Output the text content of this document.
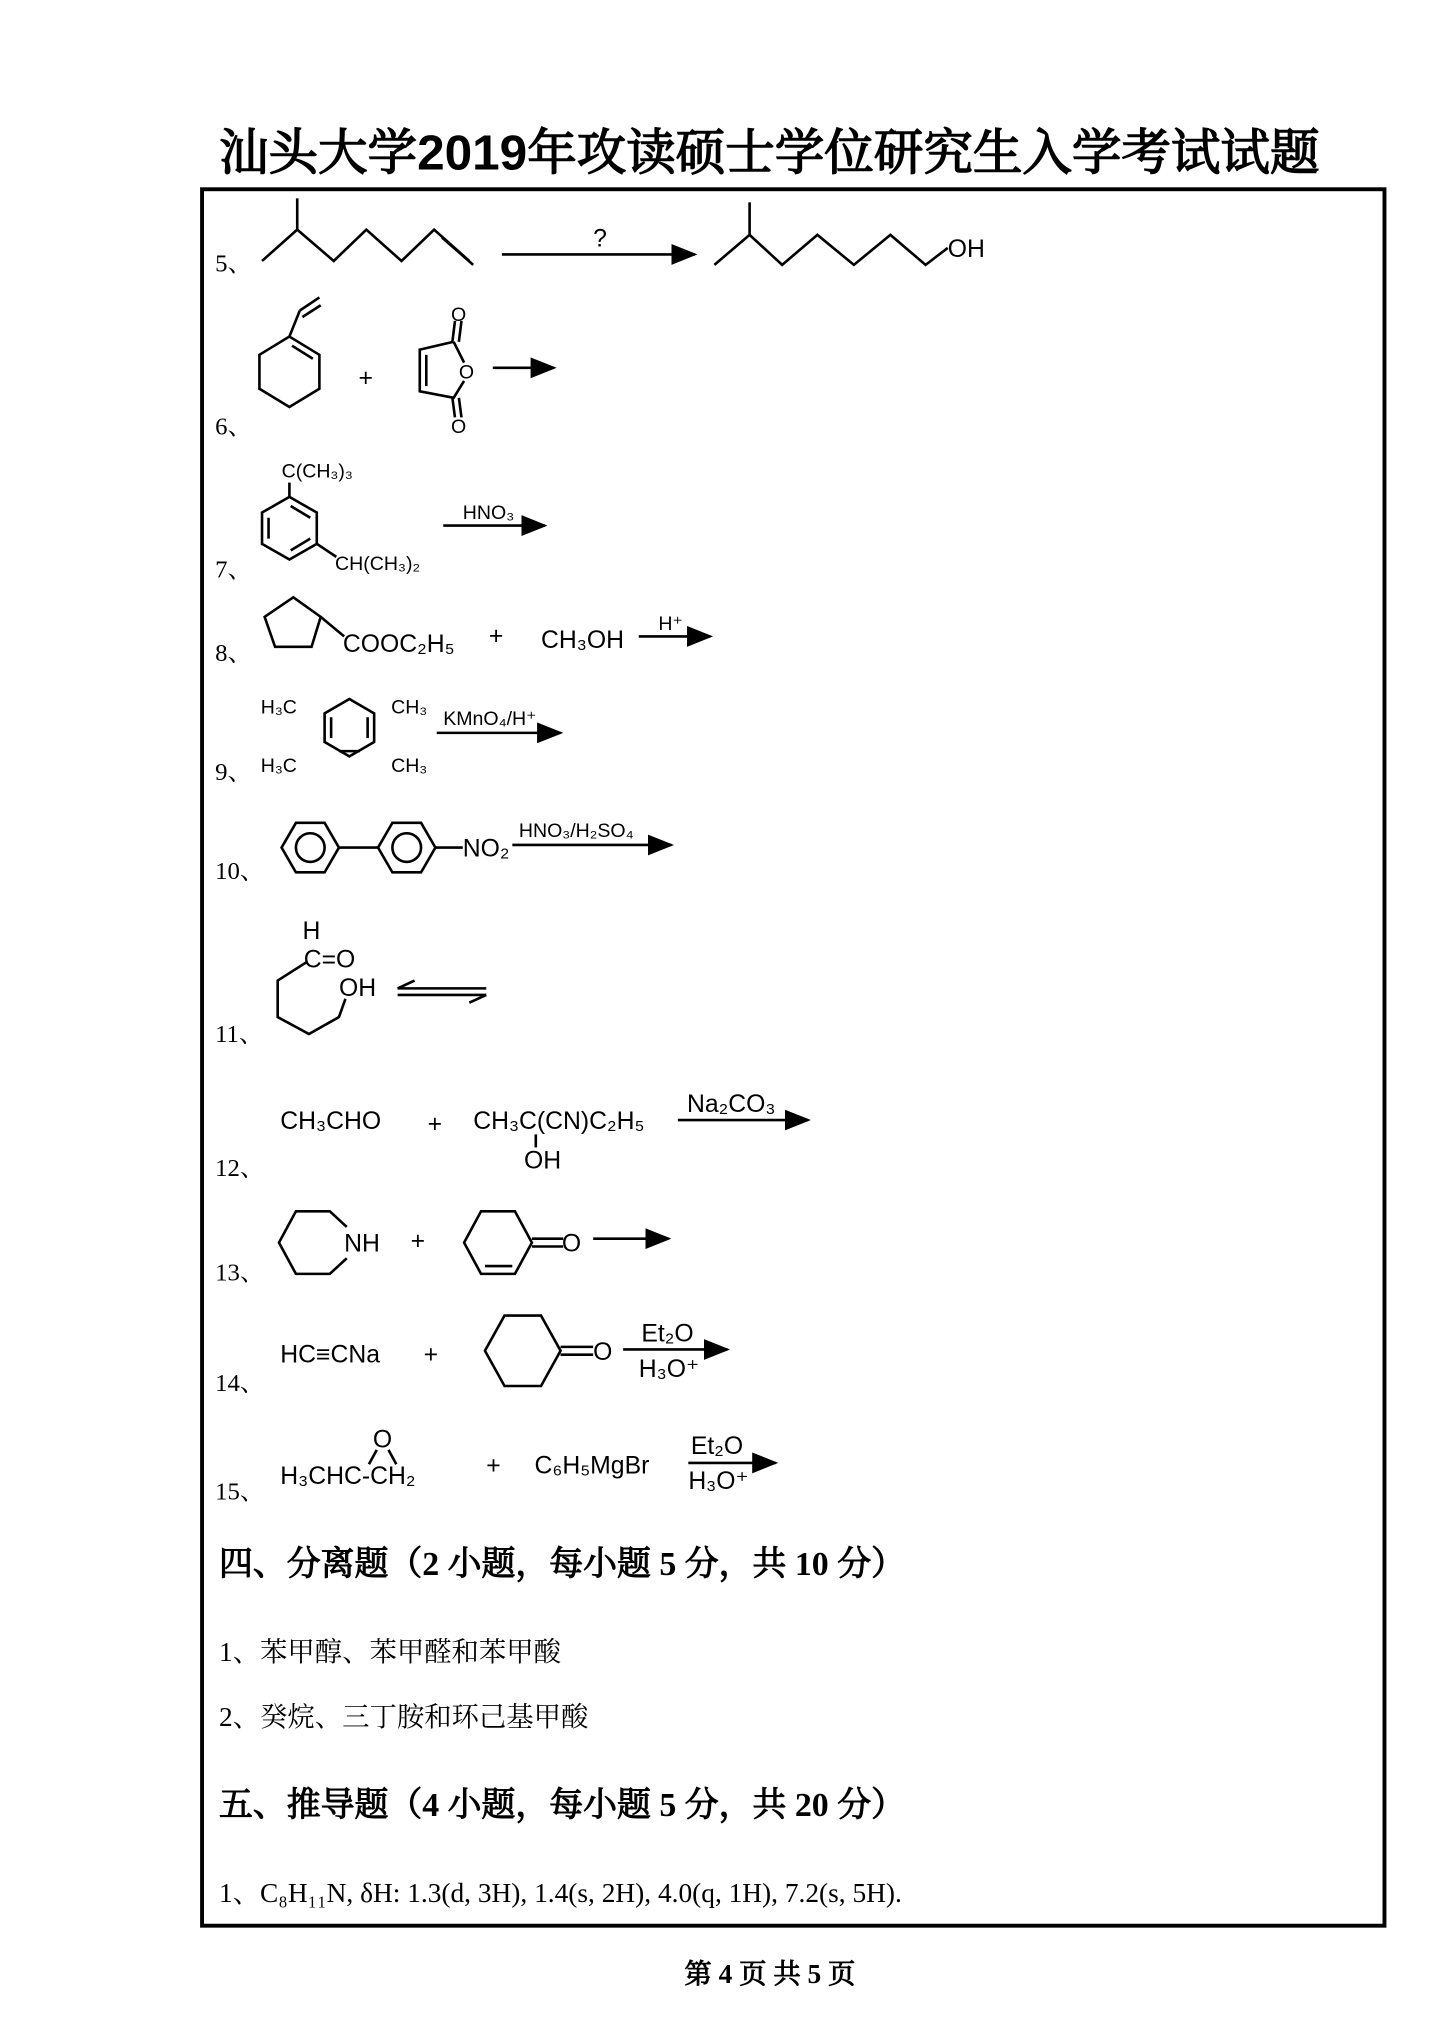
汕头大学2019年攻读硕士学位研究生入学考试试题
5、
?	OH
6、
+
O
O
O
7、
C(CH₃)₃
CH(CH₃)₂
HNO₃
8、	COOC₂H₅ + CH₃OH
H⁺
9、
H₃C	CH₃
H₃C	CH₃
KMnO₄/H⁺
10、
NO₂
HNO₃/H₂SO₄
11、
H
C=O
OH
12、
CH₃CHO + CH₃C(CN)C₂H₅
OH
Na₂CO₃
13、
NH +	O
14、
HC≡CNa +	O
Et₂O
H₃O⁺
15、
H₃CHC-CH₂
O
+ C₆H₅MgBr
Et₂O
H₃O⁺
四、分离题（2 小题，每小题 5 分，共 10 分）
1、苯甲醇、苯甲醛和苯甲酸
2、癸烷、三丁胺和环己基甲酸
五、推导题（4 小题，每小题 5 分，共 20 分）
1、C₈H₁₁N, δH: 1.3(d, 3H), 1.4(s, 2H), 4.0(q, 1H), 7.2(s, 5H).
第 4 页 共 5 页
